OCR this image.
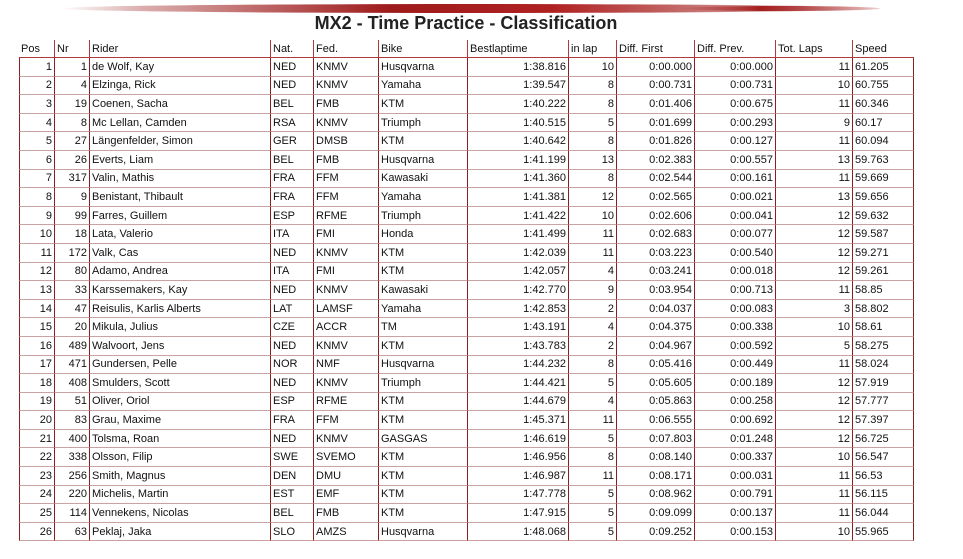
MX2 - Time Practice - Classification
Pos	Nr	Rider	Nat.	Fed.	Bike	Bestlaptime	in lap	Diff. First	Diff. Prev.	Tot. Laps	Speed
1	1	de Wolf, Kay	NED	KNMV	Husqvarna	1:38.816	10	0:00.000	0:00.000	11	61.205
2	4	Elzinga, Rick	NED	KNMV	Yamaha	1:39.547	8	0:00.731	0:00.731	10	60.755
3	19	Coenen, Sacha	BEL	FMB	KTM	1:40.222	8	0:01.406	0:00.675	11	60.346
4	8	Mc Lellan, Camden	RSA	KNMV	Triumph	1:40.515	5	0:01.699	0:00.293	9	60.17
5	27	Längenfelder, Simon	GER	DMSB	KTM	1:40.642	8	0:01.826	0:00.127	11	60.094
6	26	Everts, Liam	BEL	FMB	Husqvarna	1:41.199	13	0:02.383	0:00.557	13	59.763
7	317	Valin, Mathis	FRA	FFM	Kawasaki	1:41.360	8	0:02.544	0:00.161	11	59.669
8	9	Benistant, Thibault	FRA	FFM	Yamaha	1:41.381	12	0:02.565	0:00.021	13	59.656
9	99	Farres, Guillem	ESP	RFME	Triumph	1:41.422	10	0:02.606	0:00.041	12	59.632
10	18	Lata, Valerio	ITA	FMI	Honda	1:41.499	11	0:02.683	0:00.077	12	59.587
11	172	Valk, Cas	NED	KNMV	KTM	1:42.039	11	0:03.223	0:00.540	12	59.271
12	80	Adamo, Andrea	ITA	FMI	KTM	1:42.057	4	0:03.241	0:00.018	12	59.261
13	33	Karssemakers, Kay	NED	KNMV	Kawasaki	1:42.770	9	0:03.954	0:00.713	11	58.85
14	47	Reisulis, Karlis Alberts	LAT	LAMSF	Yamaha	1:42.853	2	0:04.037	0:00.083	3	58.802
15	20	Mikula, Julius	CZE	ACCR	TM	1:43.191	4	0:04.375	0:00.338	10	58.61
16	489	Walvoort, Jens	NED	KNMV	KTM	1:43.783	2	0:04.967	0:00.592	5	58.275
17	471	Gundersen, Pelle	NOR	NMF	Husqvarna	1:44.232	8	0:05.416	0:00.449	11	58.024
18	408	Smulders, Scott	NED	KNMV	Triumph	1:44.421	5	0:05.605	0:00.189	12	57.919
19	51	Oliver, Oriol	ESP	RFME	KTM	1:44.679	4	0:05.863	0:00.258	12	57.777
20	83	Grau, Maxime	FRA	FFM	KTM	1:45.371	11	0:06.555	0:00.692	12	57.397
21	400	Tolsma, Roan	NED	KNMV	GASGAS	1:46.619	5	0:07.803	0:01.248	12	56.725
22	338	Olsson, Filip	SWE	SVEMO	KTM	1:46.956	8	0:08.140	0:00.337	10	56.547
23	256	Smith, Magnus	DEN	DMU	KTM	1:46.987	11	0:08.171	0:00.031	11	56.53
24	220	Michelis, Martin	EST	EMF	KTM	1:47.778	5	0:08.962	0:00.791	11	56.115
25	114	Vennekens, Nicolas	BEL	FMB	KTM	1:47.915	5	0:09.099	0:00.137	11	56.044
26	63	Peklaj, Jaka	SLO	AMZS	Husqvarna	1:48.068	5	0:09.252	0:00.153	10	55.965
